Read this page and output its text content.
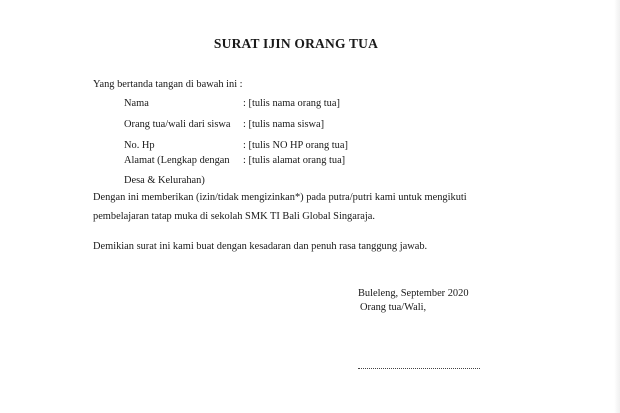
SURAT IJIN ORANG TUA
Yang bertanda tangan di bawah ini :
Nama	: [tulis nama orang tua]
Orang tua/wali dari siswa : [tulis nama siswa]
No. Hp	: [tulis NO HP orang tua]
Alamat (Lengkap dengan : [tulis alamat orang tua]
Desa & Kelurahan)
Dengan ini memberikan (izin/tidak mengizinkan*) pada putra/putri kami untuk mengikuti
pembelajaran tatap muka di sekolah SMK TI Bali Global Singaraja.
Demikian surat ini kami buat dengan kesadaran dan penuh rasa tanggung jawab.
Buleleng, September 2020
Orang tua/Wali,
